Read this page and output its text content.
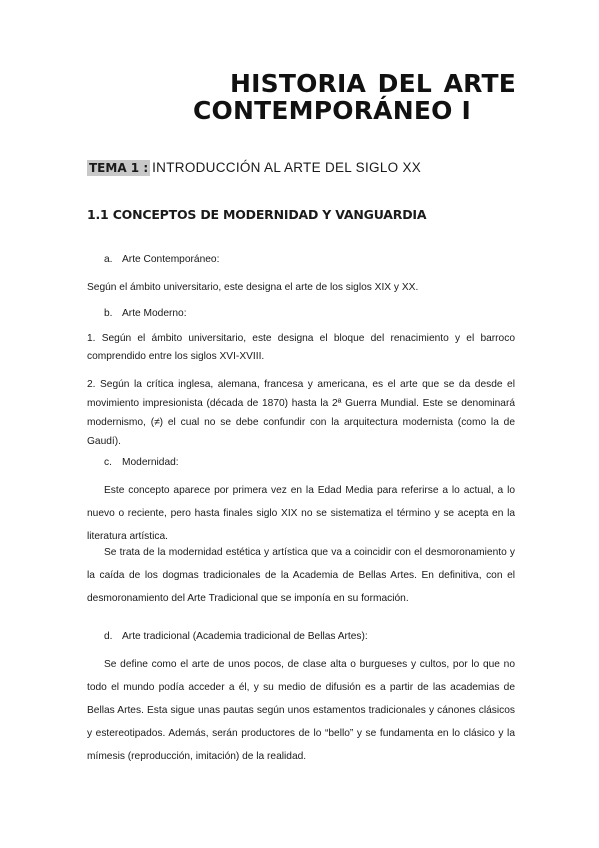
HISTORIA DEL ARTE
CONTEMPORÁNEO I
TEMA 1 : INTRODUCCIÓN AL ARTE DEL SIGLO XX
1.1 CONCEPTOS DE MODERNIDAD Y VANGUARDIA
a. Arte Contemporáneo:
Según el ámbito universitario, este designa el arte de los siglos XIX y XX.
b. Arte Moderno:
1. Según el ámbito universitario, este designa el bloque del renacimiento y el barroco comprendido entre los siglos XVI-XVIII.
2. Según la crítica inglesa, alemana, francesa y americana, es el arte que se da desde el movimiento impresionista (década de 1870) hasta la 2ª Guerra Mundial. Este se denominará modernismo, (≠) el cual no se debe confundir con la arquitectura modernista (como la de Gaudí).
c. Modernidad:
Este concepto aparece por primera vez en la Edad Media para referirse a lo actual, a lo nuevo o reciente, pero hasta finales siglo XIX no se sistematiza el término y se acepta en la literatura artística.
Se trata de la modernidad estética y artística que va a coincidir con el desmoronamiento y la caída de los dogmas tradicionales de la Academia de Bellas Artes. En definitiva, con el desmoronamiento del Arte Tradicional que se imponía en su formación.
d. Arte tradicional (Academia tradicional de Bellas Artes):
Se define como el arte de unos pocos, de clase alta o burgueses y cultos, por lo que no todo el mundo podía acceder a él, y su medio de difusión es a partir de las academias de Bellas Artes. Esta sigue unas pautas según unos estamentos tradicionales y cánones clásicos y estereotipados. Además, serán productores de lo “bello” y se fundamenta en lo clásico y la mímesis (reproducción, imitación) de la realidad.
